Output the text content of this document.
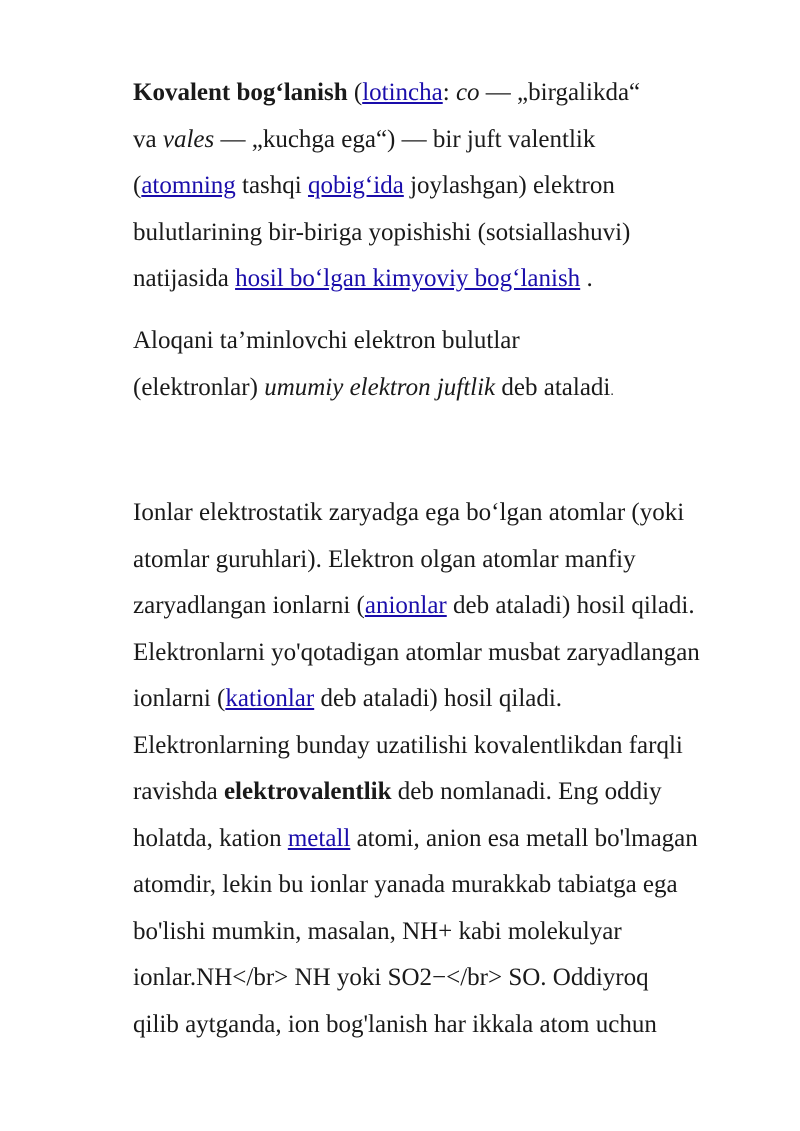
Kovalent bog‘lanish (lotincha: co — „birgalikda“
va vales — „kuchga ega“) — bir juft valentlik
(atomning tashqi qobig‘ida joylashgan) elektron
bulutlarining bir-biriga yopishishi (sotsiallashuvi)
natijasida hosil bo‘lgan kimyoviy bog‘lanish .

Aloqani ta’minlovchi elektron bulutlar
(elektronlar) umumiy elektron juftlik deb ataladi.

Ionlar elektrostatik zaryadga ega bo‘lgan atomlar (yoki
atomlar guruhlari). Elektron olgan atomlar manfiy
zaryadlangan ionlarni (anionlar deb ataladi) hosil qiladi.
Elektronlarni yo'qotadigan atomlar musbat zaryadlangan
ionlarni (kationlar deb ataladi) hosil qiladi.
Elektronlarning bunday uzatilishi kovalentlikdan farqli
ravishda elektrovalentlik deb nomlanadi. Eng oddiy
holatda, kation metall atomi, anion esa metall bo'lmagan
atomdir, lekin bu ionlar yanada murakkab tabiatga ega
bo'lishi mumkin, masalan, NH+ kabi molekulyar
ionlar.NH</br> NH yoki SO2−</br> SO. Oddiyroq
qilib aytganda, ion bog'lanish har ikkala atom uchun
